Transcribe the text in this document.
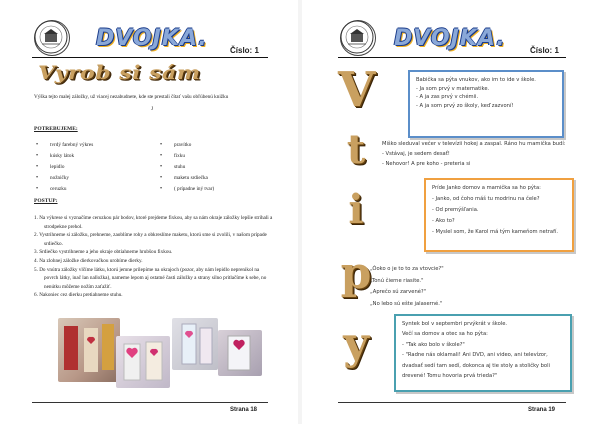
DVOJKA.	Číslo: 1
Vyrob si sám
Výška tejto malej záložky, už viacej nezabudnete, kde ste prestali čítať vašu obľúbenú knižku
J
POTREBUJEME:
• tvrdý farebný výkres
• kúsky látok
• lepidlo
• nožničky
• ceruzku
• pravítko
• fixku
• stuhu
• maketu srdiečka
• ( prípadne iný tvar)
POSTUP:
1. Na výkrese si vyznačíme ceruzkou pár bodov, ktoré prejdeme fixkou, aby sa nám okraje záložky lepšie strihali a strodpekne prehol.
2. Vystrihneme si záložku, prehneme, zaoblíme rohy a obkreslíme maketu, ktorú sme si zvolili, v našom prípade srdiečko.
3. Srdiečko vystrihneme a jeho okraje obtiahneme hrubšou fixkou.
4. Na zlohnej záložke dierkovačkou urobíme dierky.
5. Do vnútra záložky vlčíme látku, ktorú jemne prilepíme na okrajoch (pozor, aby nám lepidlo neprenikol na povrch látky, inač lan nalložka), nameme lepom aj ostatné časti záložky a strany silno pritlačíme k sebe, no nenútku môžeme nožím zaťažiť.
6. Nakoniec cez dierku pretiahneme stuhu.
Strana 18
DVOJKA.	Číslo: 1
Strana 19
V
t
i
p
y

Babička sa pýta vnukov, ako im to ide v škole.

- Ja som prvý v matematike.

- A ja zas prvý v chémii.

- A ja som prvý zo školy, keď zazvoní!

Miško sleduval večer v televízii hokej a zaspal. Ráno hu mamička budí:

- Vstávaj, je sedem desať!

- Nehovor! A pre koho - preteria si

Príde Janko domov a mamička sa ho pýta:

- Janko, od čoho máš tu modrinu na čele?

- Od premýšľania.

- Ako to?

- Myslel som, že Karol má tým kameňom netrafí.

„Óoko o je to to za vtovcie?"

„Tonú čierne riasite."

„Aprečo sú zarvené?"

„No lebo sú ešte jalaserné."

Syntek bol v septembri prvýkrát v škole.

Večí sa domov a otec sa ho pýta:

- "Tak ako bolo v škole?"

- "Radne nás oklamali! Ani DVD, ani video, ani televízor,

dvadsať sedí tam sedí, dokonca aj tie stoly a stoličky boli

drevené! Tomu hovoria prvá trieda?"
